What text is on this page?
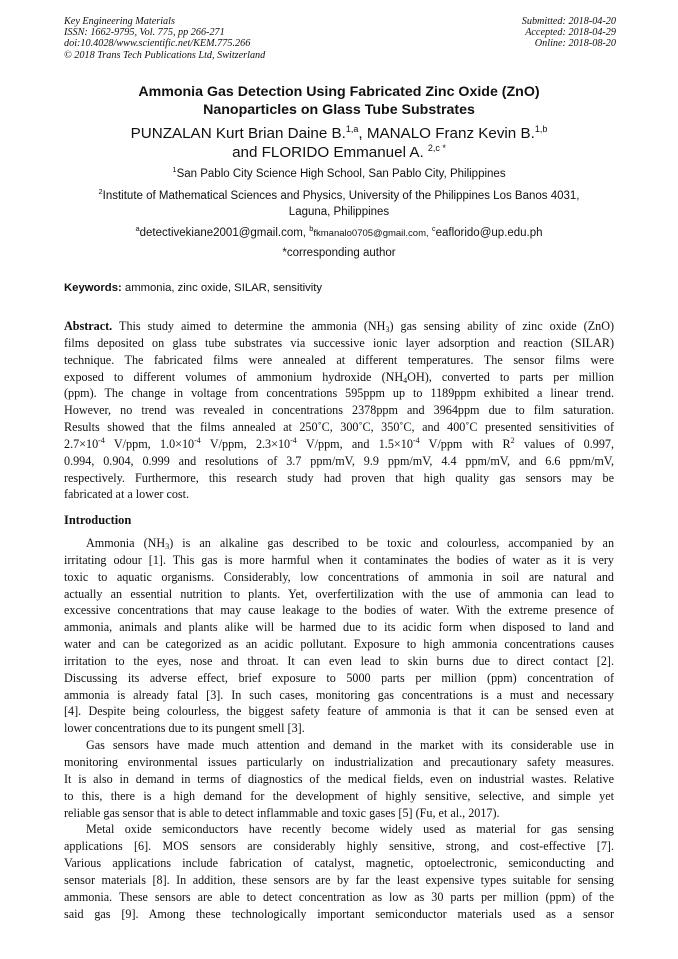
Key Engineering Materials
ISSN: 1662-9795, Vol. 775, pp 266-271
doi:10.4028/www.scientific.net/KEM.775.266
© 2018 Trans Tech Publications Ltd, Switzerland
Submitted: 2018-04-20
Accepted: 2018-04-29
Online: 2018-08-20
Ammonia Gas Detection Using Fabricated Zinc Oxide (ZnO)
Nanoparticles on Glass Tube Substrates
PUNZALAN Kurt Brian Daine B.$^{1,a}$, MANALO Franz Kevin B.$^{1,b}$
and FLORIDO Emmanuel A. $^{2,c *}$
$^1$San Pablo City Science High School, San Pablo City, Philippines
$^2$Institute of Mathematical Sciences and Physics, University of the Philippines Los Banos 4031,
Laguna, Philippines
$^a$detectivekiane2001@gmail.com, $^b$fkmanalo0705@gmail.com, $^c$eaflorido@up.edu.ph
*corresponding author
Keywords: ammonia, zinc oxide, SILAR, sensitivity
Abstract. This study aimed to determine the ammonia $(NH_3)$ gas sensing ability of zinc oxide (ZnO)
films deposited on glass tube substrates via successive ionic layer adsorption and reaction (SILAR)
technique. The fabricated films were annealed at different temperatures. The sensor films were
exposed to different volumes of ammonium hydroxide $(NH_4OH)$, converted to parts per million
(ppm). The change in voltage from concentrations 595ppm up to 1189ppm exhibited a linear trend.
However, no trend was revealed in concentrations 2378ppm and 3964ppm due to film saturation.
Results showed that the films annealed at 250˚C, 300˚C, 350˚C, and 400˚C presented sensitivities of
$2.7\times 10^{-4}$ V/ppm, $1.0\times 10^{-4}$ V/ppm, $2.3\times 10^{-4}$ V/ppm, and $1.5\times 10^{-4}$ V/ppm with $R^2$ values of 0.997,
0.994, 0.904, 0.999 and resolutions of 3.7 ppm/mV, 9.9 ppm/mV, 4.4 ppm/mV, and 6.6 ppm/mV,
respectively. Furthermore, this research study had proven that high quality gas sensors may be
fabricated at a lower cost.
Introduction
Ammonia $(NH_3)$ is an alkaline gas described to be toxic and colourless, accompanied by an
irritating odour [1]. This gas is more harmful when it contaminates the bodies of water as it is very
toxic to aquatic organisms. Considerably, low concentrations of ammonia in soil are natural and
actually an essential nutrition to plants. Yet, overfertilization with the use of ammonia can lead to
excessive concentrations that may cause leakage to the bodies of water. With the extreme presence of
ammonia, animals and plants alike will be harmed due to its acidic form when disposed to land and
water and can be categorized as an acidic pollutant. Exposure to high ammonia concentrations causes
irritation to the eyes, nose and throat. It can even lead to skin burns due to direct contact [2].
Discussing its adverse effect, brief exposure to 5000 parts per million (ppm) concentration of
ammonia is already fatal [3]. In such cases, monitoring gas concentrations is a must and necessary
[4]. Despite being colourless, the biggest safety feature of ammonia is that it can be sensed even at
lower concentrations due to its pungent smell [3].
Gas sensors have made much attention and demand in the market with its considerable use in
monitoring environmental issues particularly on industrialization and precautionary safety measures.
It is also in demand in terms of diagnostics of the medical fields, even on industrial wastes. Relative
to this, there is a high demand for the development of highly sensitive, selective, and simple yet
reliable gas sensor that is able to detect inflammable and toxic gases [5] (Fu, et al., 2017).
Metal oxide semiconductors have recently become widely used as material for gas sensing
applications [6]. MOS sensors are considerably highly sensitive, strong, and cost-effective [7].
Various applications include fabrication of catalyst, magnetic, optoelectronic, semiconducting and
sensor materials [8]. In addition, these sensors are by far the least expensive types suitable for sensing
ammonia. These sensors are able to detect concentration as low as 30 parts per million (ppm) of the
said gas [9]. Among these technologically important semiconductor materials used as a sensor
